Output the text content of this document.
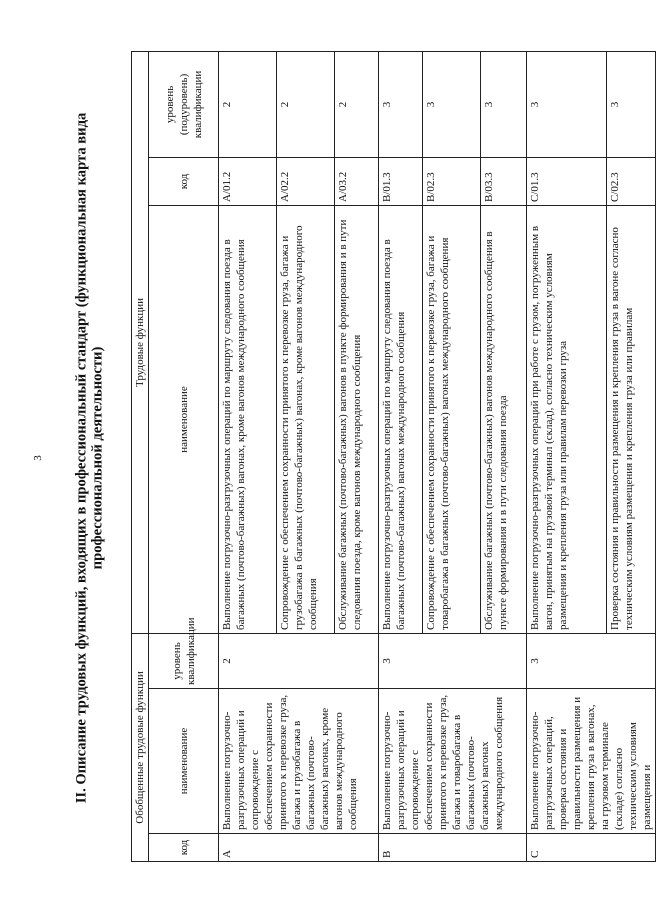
3 II. Описание трудовых функций, входящих в профессиональный стандарт (функциональная карта вида профессиональной деятельности)
Обобщенные трудовые функции			Трудовые функции		
код	наименование	уровень квалификации	наименование	код	уровень (подуровень) квалификации
A	Выполнение погрузочно-разгрузочных операций и сопровождение с обеспечением сохранности принятого к перевозке груза, багажа и грузобагажа в багажных (почтово-багажных) вагонах, кроме вагонов международного сообщения	2	Выполнение погрузочно-разгрузочных операций по маршруту следования поезда в багажных (почтово-багажных) вагонах, кроме вагонов международного сообщения	A/01.2	2
			Сопровождение с обеспечением сохранности принятого к перевозке груза, багажа и грузобагажа в багажных (почтово-багажных) вагонах, кроме вагонов международного сообщения	A/02.2	2
			Обслуживание багажных (почтово-багажных) вагонов в пункте формирования и в пути следования поезда, кроме вагонов международного сообщения	A/03.2	2
B	Выполнение погрузочно-разгрузочных операций и сопровождение с обеспечением сохранности принятого к перевозке груза, багажа и товаробагажа в багажных (почтово-багажных) вагонах международного сообщения	3	Выполнение погрузочно-разгрузочных операций по маршруту следования поезда в багажных (почтово-багажных) вагонах международного сообщения	B/01.3	3
			Сопровождение с обеспечением сохранности принятого к перевозке груза, багажа и товаробагажа в багажных (почтово-багажных) вагонах международного сообщения	B/02.3	3
			Обслуживание багажных (почтово-багажных) вагонов международного сообщения в пункте формирования и в пути следования поезда	B/03.3	3
C	Выполнение погрузочно-разгрузочных операций, проверка состояния и правильности размещения и крепления груза в вагонах, на грузовом терминале (складе) согласно техническим условиям размещения и	3	Выполнение погрузочно-разгрузочных операций при работе с грузом, погруженным в вагон, принятым на грузовой терминал (склад), согласно техническим условиям размещения и крепления груза или правилам перевозки груза	C/01.3	3
			Проверка состояния и правильности размещения и крепления груза в вагоне согласно техническим условиям размещения и крепления груза или правилам	C/02.3	3
